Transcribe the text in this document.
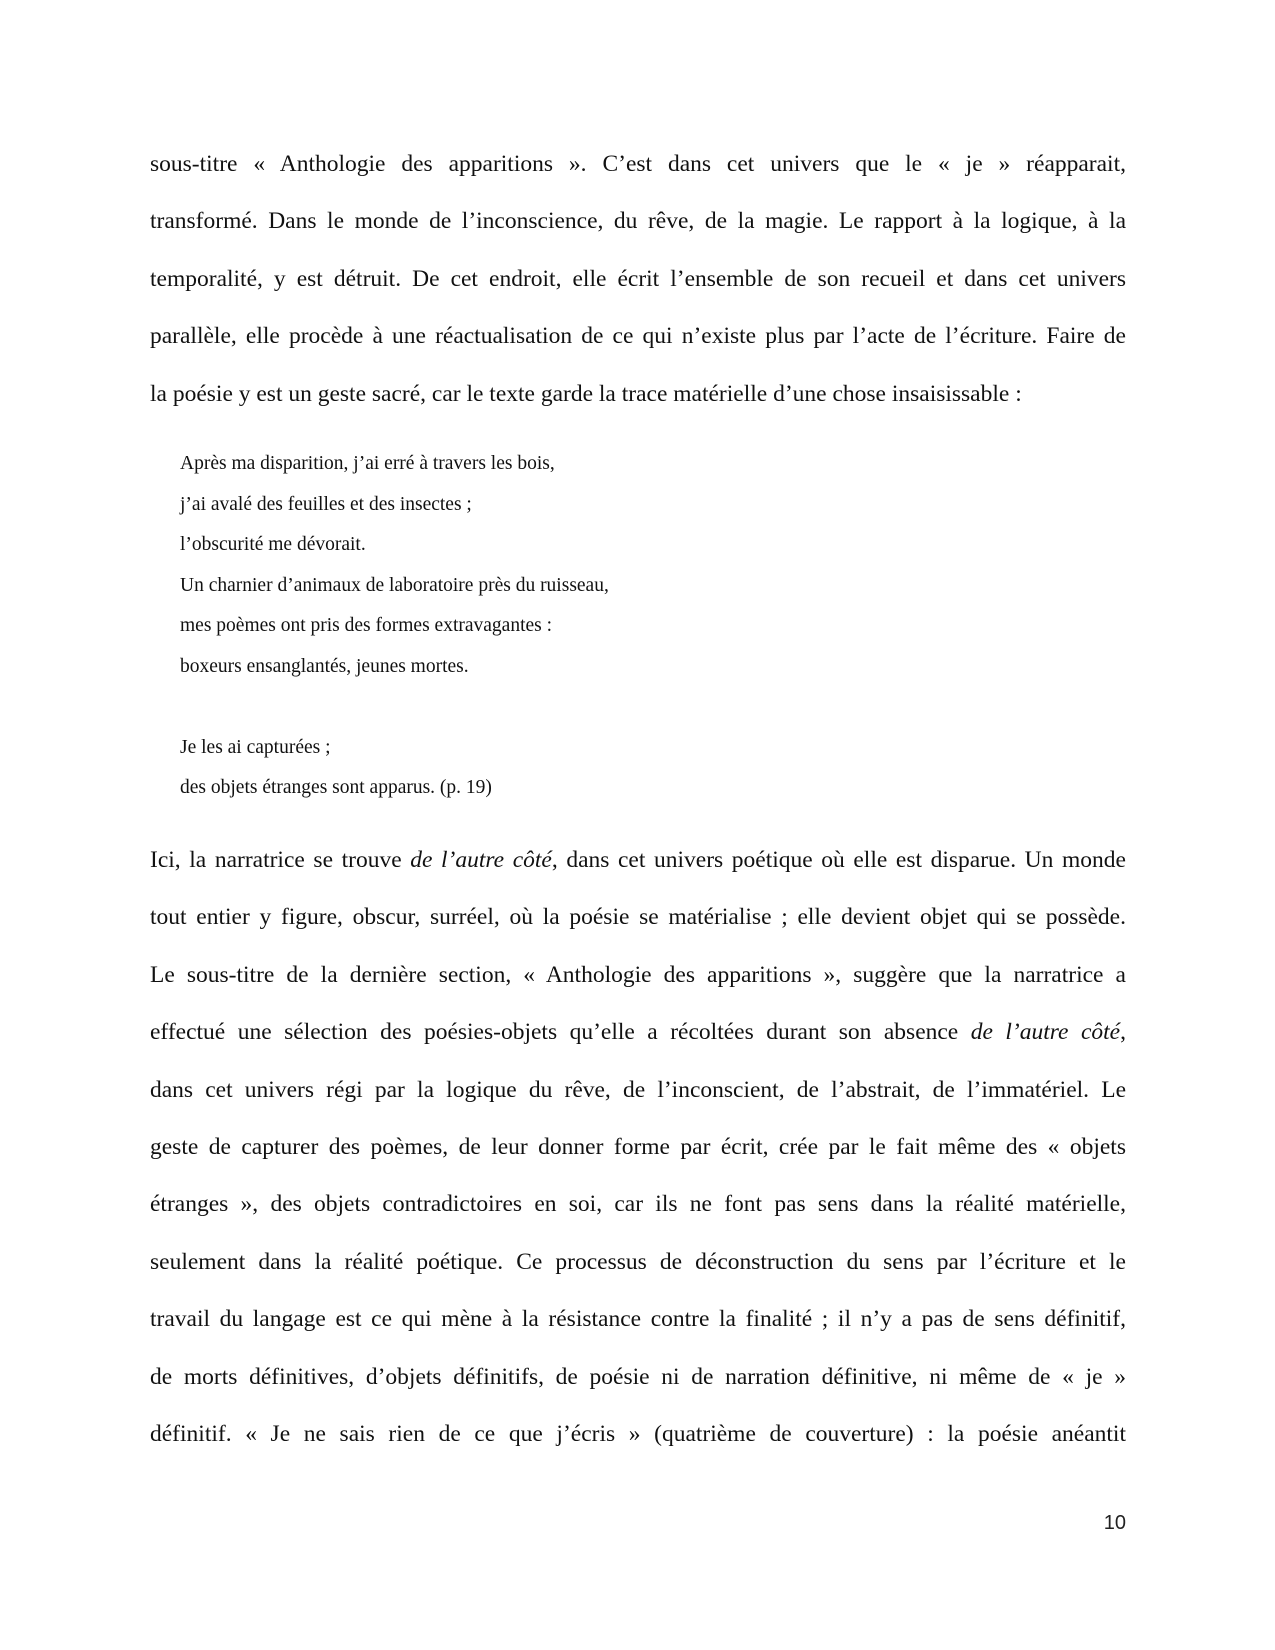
sous-titre « Anthologie des apparitions ». C’est dans cet univers que le « je » réapparait,
transformé. Dans le monde de l’inconscience, du rêve, de la magie. Le rapport à la logique, à la
temporalité, y est détruit. De cet endroit, elle écrit l’ensemble de son recueil et dans cet univers
parallèle, elle procède à une réactualisation de ce qui n’existe plus par l’acte de l’écriture. Faire de
la poésie y est un geste sacré, car le texte garde la trace matérielle d’une chose insaisissable :
Après ma disparition, j’ai erré à travers les bois,
j’ai avalé des feuilles et des insectes ;
l’obscurité me dévorait.
Un charnier d’animaux de laboratoire près du ruisseau,
mes poèmes ont pris des formes extravagantes :
boxeurs ensanglantés, jeunes mortes.
Je les ai capturées ;
des objets étranges sont apparus. (p. 19)
Ici, la narratrice se trouve de l’autre côté, dans cet univers poétique où elle est disparue. Un monde
tout entier y figure, obscur, surréel, où la poésie se matérialise ; elle devient objet qui se possède.
Le sous-titre de la dernière section, « Anthologie des apparitions », suggère que la narratrice a
effectué une sélection des poésies-objets qu’elle a récoltées durant son absence de l’autre côté,
dans cet univers régi par la logique du rêve, de l’inconscient, de l’abstrait, de l’immatériel. Le
geste de capturer des poèmes, de leur donner forme par écrit, crée par le fait même des « objets
étranges », des objets contradictoires en soi, car ils ne font pas sens dans la réalité matérielle,
seulement dans la réalité poétique. Ce processus de déconstruction du sens par l’écriture et le
travail du langage est ce qui mène à la résistance contre la finalité ; il n’y a pas de sens définitif,
de morts définitives, d’objets définitifs, de poésie ni de narration définitive, ni même de « je »
définitif. « Je ne sais rien de ce que j’écris » (quatrième de couverture) : la poésie anéantit
10
